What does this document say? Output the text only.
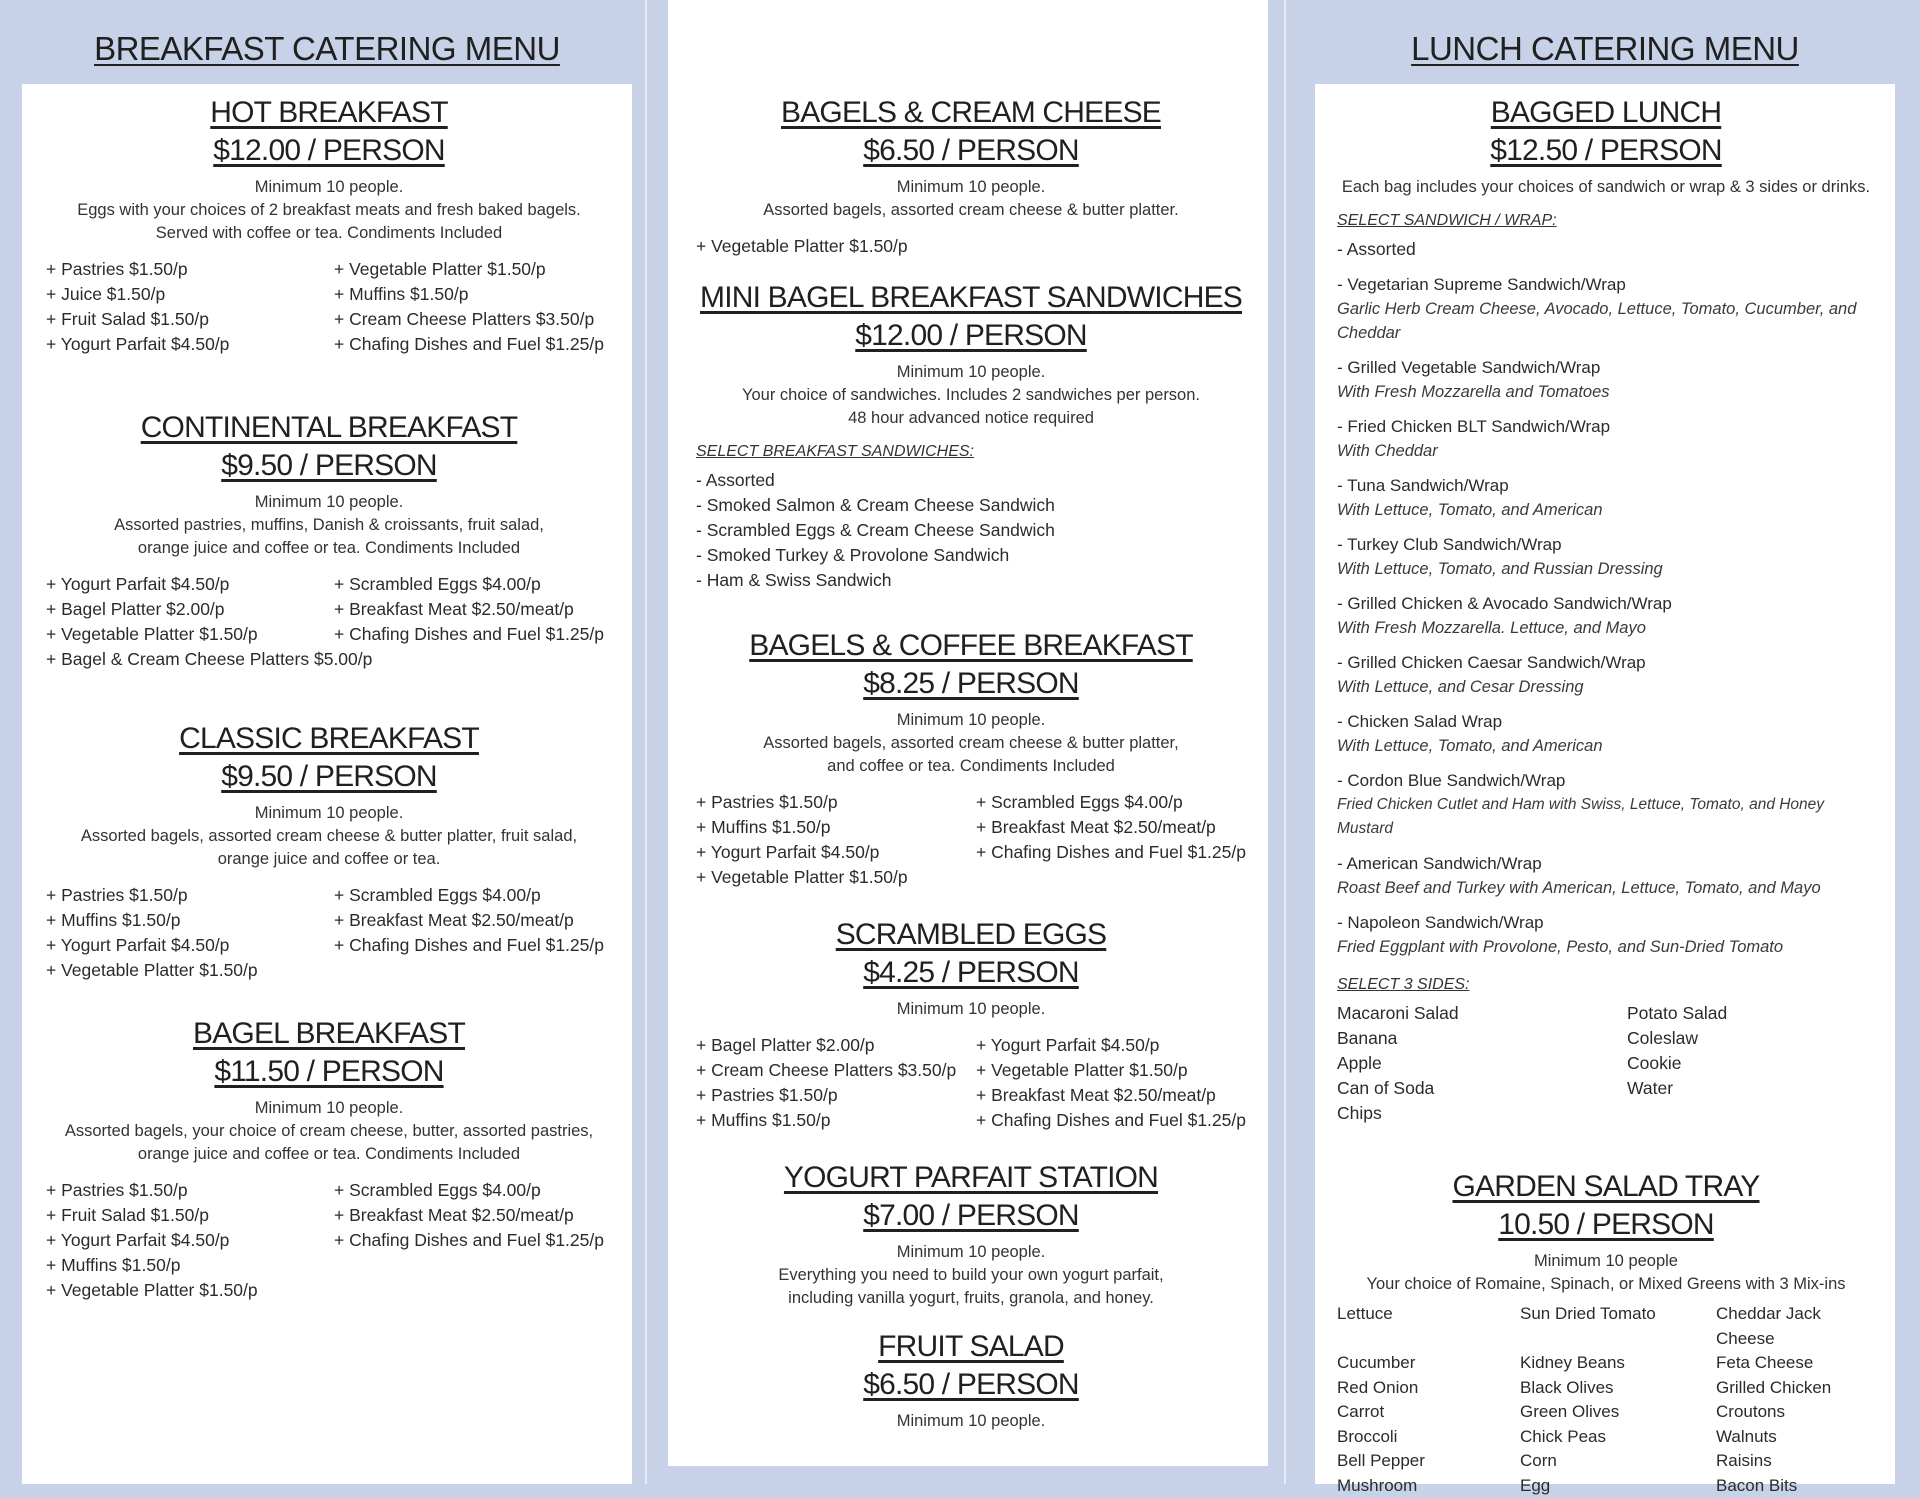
BREAKFAST CATERING MENU	LUNCH CATERING MENU
HOT BREAKFAST
$12.00 / PERSON
Minimum 10 people.
Eggs with your choices of 2 breakfast meats and fresh baked bagels.
Served with coffee or tea. Condiments Included
+ Pastries $1.50/p	+ Vegetable Platter $1.50/p
+ Juice $1.50/p	+ Muffins $1.50/p
+ Fruit Salad $1.50/p	+ Cream Cheese Platters $3.50/p
+ Yogurt Parfait $4.50/p	+ Chafing Dishes and Fuel $1.25/p
CONTINENTAL BREAKFAST
$9.50 / PERSON
Minimum 10 people.
Assorted pastries, muffins, Danish & croissants, fruit salad,
orange juice and coffee or tea. Condiments Included
+ Yogurt Parfait $4.50/p	+ Scrambled Eggs $4.00/p
+ Bagel Platter $2.00/p	+ Breakfast Meat $2.50/meat/p
+ Vegetable Platter $1.50/p	+ Chafing Dishes and Fuel $1.25/p
+ Bagel & Cream Cheese Platters $5.00/p
CLASSIC BREAKFAST
$9.50 / PERSON
Minimum 10 people.
Assorted bagels, assorted cream cheese & butter platter, fruit salad,
orange juice and coffee or tea.
+ Pastries $1.50/p	+ Scrambled Eggs $4.00/p
+ Muffins $1.50/p	+ Breakfast Meat $2.50/meat/p
+ Yogurt Parfait $4.50/p	+ Chafing Dishes and Fuel $1.25/p
+ Vegetable Platter $1.50/p
BAGEL BREAKFAST
$11.50 / PERSON
Minimum 10 people.
Assorted bagels, your choice of cream cheese, butter, assorted pastries,
orange juice and coffee or tea. Condiments Included
+ Pastries $1.50/p	+ Scrambled Eggs $4.00/p
+ Fruit Salad $1.50/p	+ Breakfast Meat $2.50/meat/p
+ Yogurt Parfait $4.50/p	+ Chafing Dishes and Fuel $1.25/p
+ Muffins $1.50/p
+ Vegetable Platter $1.50/p
BAGELS & CREAM CHEESE
$6.50 / PERSON
Minimum 10 people.
Assorted bagels, assorted cream cheese & butter platter.
+ Vegetable Platter $1.50/p
MINI BAGEL BREAKFAST SANDWICHES
$12.00 / PERSON
Minimum 10 people.
Your choice of sandwiches. Includes 2 sandwiches per person.
48 hour advanced notice required
SELECT BREAKFAST SANDWICHES:
- Assorted
- Smoked Salmon & Cream Cheese Sandwich
- Scrambled Eggs & Cream Cheese Sandwich
- Smoked Turkey & Provolone Sandwich
- Ham & Swiss Sandwich
BAGELS & COFFEE BREAKFAST
$8.25 / PERSON
Minimum 10 people.
Assorted bagels, assorted cream cheese & butter platter,
and coffee or tea. Condiments Included
+ Pastries $1.50/p	+ Scrambled Eggs $4.00/p
+ Muffins $1.50/p	+ Breakfast Meat $2.50/meat/p
+ Yogurt Parfait $4.50/p	+ Chafing Dishes and Fuel $1.25/p
+ Vegetable Platter $1.50/p
SCRAMBLED EGGS
$4.25 / PERSON
Minimum 10 people.
+ Bagel Platter $2.00/p	+ Yogurt Parfait $4.50/p
+ Cream Cheese Platters $3.50/p	+ Vegetable Platter $1.50/p
+ Pastries $1.50/p	+ Breakfast Meat $2.50/meat/p
+ Muffins $1.50/p	+ Chafing Dishes and Fuel $1.25/p
YOGURT PARFAIT STATION
$7.00 / PERSON
Minimum 10 people.
Everything you need to build your own yogurt parfait,
including vanilla yogurt, fruits, granola, and honey.
FRUIT SALAD
$6.50 / PERSON
Minimum 10 people.
BAGGED LUNCH
$12.50 / PERSON
Each bag includes your choices of sandwich or wrap & 3 sides or drinks.
SELECT SANDWICH / WRAP:
- Assorted
- Vegetarian Supreme Sandwich/Wrap
Garlic Herb Cream Cheese, Avocado, Lettuce, Tomato, Cucumber, and Cheddar
- Grilled Vegetable Sandwich/Wrap
With Fresh Mozzarella and Tomatoes
- Fried Chicken BLT Sandwich/Wrap
With Cheddar
- Tuna Sandwich/Wrap
With Lettuce, Tomato, and American
- Turkey Club Sandwich/Wrap
With Lettuce, Tomato, and Russian Dressing
- Grilled Chicken & Avocado Sandwich/Wrap
With Fresh Mozzarella. Lettuce, and Mayo
- Grilled Chicken Caesar Sandwich/Wrap
With Lettuce, and Cesar Dressing
- Chicken Salad Wrap
With Lettuce, Tomato, and American
- Cordon Blue Sandwich/Wrap
Fried Chicken Cutlet and Ham with Swiss, Lettuce, Tomato, and Honey Mustard
- American Sandwich/Wrap
Roast Beef and Turkey with American, Lettuce, Tomato, and Mayo
- Napoleon Sandwich/Wrap
Fried Eggplant with Provolone, Pesto, and Sun-Dried Tomato
SELECT 3 SIDES:
Macaroni Salad	Potato Salad
Banana	Coleslaw
Apple	Cookie
Can of Soda	Water
Chips
GARDEN SALAD TRAY
10.50 / PERSON
Minimum 10 people
Your choice of Romaine, Spinach, or Mixed Greens with 3 Mix-ins
Lettuce	Sun Dried Tomato	Cheddar Jack Cheese
Cucumber	Kidney Beans	Feta Cheese
Red Onion	Black Olives	Grilled Chicken
Carrot	Green Olives	Croutons
Broccoli	Chick Peas	Walnuts
Bell Pepper	Corn	Raisins
Mushroom	Egg	Bacon Bits
